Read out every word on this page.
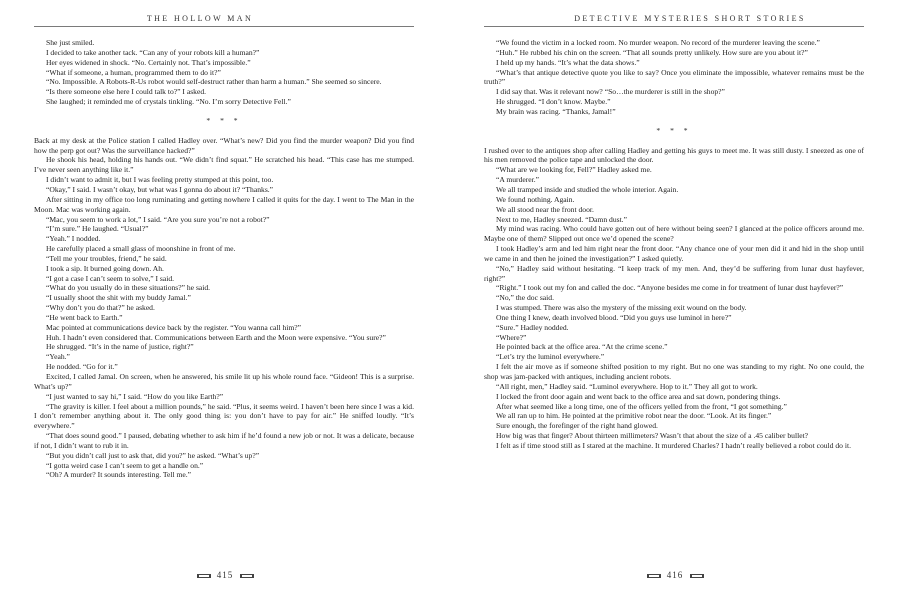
THE HOLLOW MAN

She just smiled.

I decided to take another tack. “Can any of your robots kill a human?”

Her eyes widened in shock. “No. Certainly not. That’s impossible.”

“What if someone, a human, programmed them to do it?”

“No. Impossible. A Robots-R-Us robot would self-destruct rather than harm a human.” She seemed so sincere.

“Is there someone else here I could talk to?” I asked.

She laughed; it reminded me of crystals tinkling. “No. I’m sorry Detective Fell.”

* * *

Back at my desk at the Police station I called Hadley over. “What’s new? Did you find the murder weapon? Did you find how the perp got out? Was the surveillance hacked?”

He shook his head, holding his hands out. “We didn’t find squat.” He scratched his head. “This case has me stumped. I’ve never seen anything like it.”

I didn’t want to admit it, but I was feeling pretty stumped at this point, too.

“Okay,” I said. I wasn’t okay, but what was I gonna do about it? “Thanks.”

After sitting in my office too long ruminating and getting nowhere I called it quits for the day. I went to The Man in the Moon. Mac was working again.

“Mac, you seem to work a lot,” I said. “Are you sure you’re not a robot?”

“I’m sure.” He laughed. “Usual?”

“Yeah.” I nodded.

He carefully placed a small glass of moonshine in front of me.

“Tell me your troubles, friend,” he said.

I took a sip. It burned going down. Ah.

“I got a case I can’t seem to solve,” I said.

“What do you usually do in these situations?” he said.

“I usually shoot the shit with my buddy Jamal.”

“Why don’t you do that?” he asked.

“He went back to Earth.”

Mac pointed at communications device back by the register. “You wanna call him?”

Huh. I hadn’t even considered that. Communications between Earth and the Moon were expensive. “You sure?”

He shrugged. “It’s in the name of justice, right?”

“Yeah.”

He nodded. “Go for it.”

Excited, I called Jamal. On screen, when he answered, his smile lit up his whole round face. “Gideon! This is a surprise. What’s up?”

“I just wanted to say hi,” I said. “How do you like Earth?”

“The gravity is killer. I feel about a million pounds,” he said. “Plus, it seems weird. I haven’t been here since I was a kid. I don’t remember anything about it. The only good thing is: you don’t have to pay for air.” He sniffed loudly. “It’s everywhere.”

“That does sound good.” I paused, debating whether to ask him if he’d found a new job or not. It was a delicate, because if not, I didn’t want to rub it in.

“But you didn’t call just to ask that, did you?” he asked. “What’s up?”

“I gotta weird case I can’t seem to get a handle on.”

“Oh? A murder? It sounds interesting. Tell me.”

415
DETECTIVE MYSTERIES SHORT STORIES

“We found the victim in a locked room. No murder weapon. No record of the murderer leaving the scene.”

“Huh.” He rubbed his chin on the screen. “That all sounds pretty unlikely. How sure are you about it?”

I held up my hands. “It’s what the data shows.”

“What’s that antique detective quote you like to say? Once you eliminate the impossible, whatever remains must be the truth?”

I did say that. Was it relevant now? “So…the murderer is still in the shop?”

He shrugged. “I don’t know. Maybe.”

My brain was racing. “Thanks, Jamal!”

* * *

I rushed over to the antiques shop after calling Hadley and getting his guys to meet me. It was still dusty. I sneezed as one of his men removed the police tape and unlocked the door.

“What are we looking for, Fell?” Hadley asked me.

“A murderer.”

We all tramped inside and studied the whole interior. Again.

We found nothing. Again.

We all stood near the front door.

Next to me, Hadley sneezed. “Damn dust.”

My mind was racing. Who could have gotten out of here without being seen? I glanced at the police officers around me. Maybe one of them? Slipped out once we’d opened the scene?

I took Hadley’s arm and led him right near the front door. “Any chance one of your men did it and hid in the shop until we came in and then he joined the investigation?” I asked quietly.

“No,” Hadley said without hesitating. “I keep track of my men. And, they’d be suffering from lunar dust hayfever, right?”

“Right.” I took out my fon and called the doc. “Anyone besides me come in for treatment of lunar dust hayfever?”

“No,” the doc said.

I was stumped. There was also the mystery of the missing exit wound on the body.

One thing I knew, death involved blood. “Did you guys use luminol in here?”

“Sure.” Hadley nodded.

“Where?”

He pointed back at the office area. “At the crime scene.”

“Let’s try the luminol everywhere.”

I felt the air move as if someone shifted position to my right. But no one was standing to my right. No one could, the shop was jam-packed with antiques, including ancient robots.

“All right, men,” Hadley said. “Luminol everywhere. Hop to it.” They all got to work.

I locked the front door again and went back to the office area and sat down, pondering things.

After what seemed like a long time, one of the officers yelled from the front, “I got something.”

We all ran up to him. He pointed at the primitive robot near the door. “Look. At its finger.”

Sure enough, the forefinger of the right hand glowed.

How big was that finger? About thirteen millimeters? Wasn’t that about the size of a .45 caliber bullet?

I felt as if time stood still as I stared at the machine. It murdered Charles? I hadn’t really believed a robot could do it.

416
